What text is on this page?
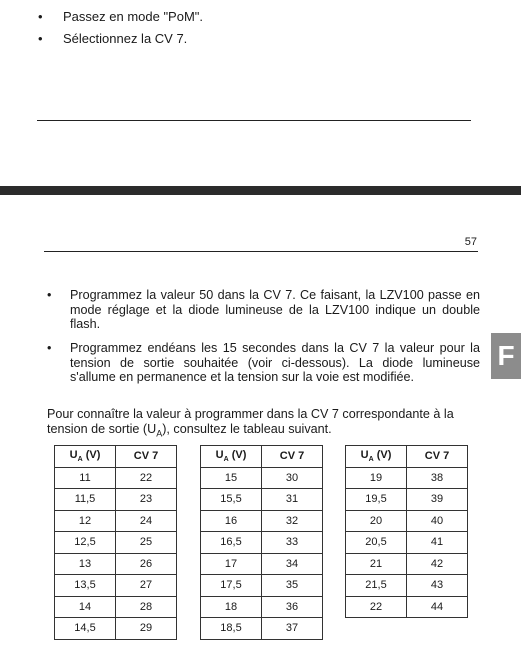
• Passez en mode "PoM".
• Sélectionnez la CV 7.
57
• Programmez la valeur 50 dans la CV 7. Ce faisant, la LZV100 passe en mode réglage et la diode lumineuse de la LZV100 indique un double flash.
• Programmez endéans les 15 secondes dans la CV 7 la valeur pour la tension de sortie souhaitée (voir ci-dessous). La diode lumineuse s'allume en permanence et la tension sur la voie est modifiée.
Pour connaître la valeur à programmer dans la CV 7 correspondante à la tension de sortie $(U_A)$, consultez le tableau suivant.
F
$U_A$ (V)	CV 7
11	22
11,5	23
12	24
12,5	25
13	26
13,5	27
14	28
14,5	29
$U_A$ (V)	CV 7
15	30
15,5	31
16	32
16,5	33
17	34
17,5	35
18	36
18,5	37
$U_A$ (V)	CV 7
19	38
19,5	39
20	40
20,5	41
21	42
21,5	43
22	44
